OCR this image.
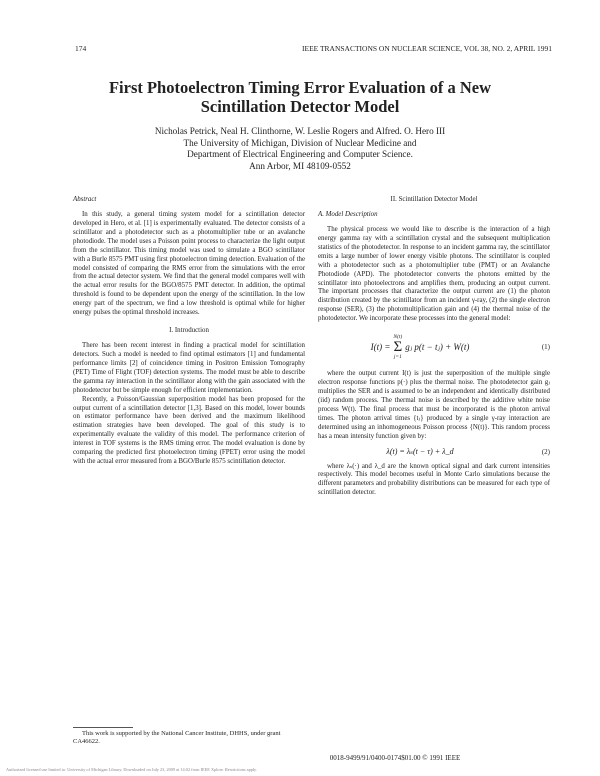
174	IEEE TRANSACTIONS ON NUCLEAR SCIENCE, VOL 38, NO. 2, APRIL 1991
First Photoelectron Timing Error Evaluation of a New
Scintillation Detector Model
Nicholas Petrick, Neal H. Clinthorne, W. Leslie Rogers and Alfred. O. Hero III
The University of Michigan, Division of Nuclear Medicine and
Department of Electrical Engineering and Computer Science.
Ann Arbor, MI 48109-0552

Abstract

In this study, a general timing system model for a scintillation detector developed in Hero, et al. [1] is experimentally evaluated. The detector consists of a scintillator and a photodetector such as a photomultiplier tube or an avalanche photodiode. The model uses a Poisson point process to characterize the light output from the scintillator. This timing model was used to simulate a BGO scintillator with a Burle 8575 PMT using first photoelectron timing detection. Evaluation of the model consisted of comparing the RMS error from the simulations with the error from the actual detector system. We find that the general model compares well with the actual error results for the BGO/8575 PMT detector. In addition, the optimal threshold is found to be dependent upon the energy of the scintillation. In the low energy part of the spectrum, we find a low threshold is optimal while for higher energy pulses the optimal threshold increases.

I. Introduction

There has been recent interest in finding a practical model for scintillation detectors. Such a model is needed to find optimal estimators [1] and fundamental performance limits [2] of coincidence timing in Positron Emission Tomography (PET) Time of Flight (TOF) detection systems. The model must be able to describe the gamma ray interaction in the scintillator along with the gain associated with the photodetector but be simple enough for efficient implementation.

Recently, a Poisson/Gaussian superposition model has been proposed for the output current of a scintillation detector [1,3]. Based on this model, lower bounds on estimator performance have been derived and the maximum likelihood estimation strategies have been developed. The goal of this study is to experimentally evaluate the validity of this model. The performance criterion of interest in TOF systems is the RMS timing error. The model evaluation is done by comparing the predicted first photoelectron timing (FPET) error using the model with the actual error measured from a BGO/Burle 8575 scintillation detector.

This work is supported by the National Cancer Institute, DHHS, under grant CA46622.

II. Scintillation Detector Model

A. Model Description

The physical process we would like to describe is the interaction of a high energy gamma ray with a scintillation crystal and the subsequent multiplication statistics of the photodetector. In response to an incident gamma ray, the scintillator emits a large number of lower energy visible photons. The scintillator is coupled with a photodetector such as a photomultiplier tube (PMT) or an Avalanche Photodiode (APD). The photodetector converts the photons emitted by the scintillator into photoelectrons and amplifies them, producing an output current. The important processes that characterize the output current are (1) the photon distribution created by the scintillator from an incident γ-ray, (2) the single electron response (SER), (3) the photomultiplication gain and (4) the thermal noise of the photodetector. We incorporate these processes into the general model:

I(t) =
N(t)
Σ
j=1
gⱼ p(t − tⱼ) + W(t)	(1)

where the output current I(t) is just the superposition of the multiple single electron response functions p(·) plus the thermal noise. The photodetector gain gⱼ multiplies the SER and is assumed to be an independent and identically distributed (iid) random process. The thermal noise is described by the additive white noise process W(t). The final process that must be incorporated is the photon arrival times. The photon arrival times {tⱼ} produced by a single γ-ray interaction are determined using an inhomogeneous Poisson process {N(t)}. This random process has a mean intensity function given by:

λ(t) = λₛ(t − τ) + λ_d	(2)

where λₛ(·) and λ_d are the known optical signal and dark current intensities respectively. This model becomes useful in Monte Carlo simulations because the different parameters and probability distributions can be measured for each type of scintillation detector.

0018-9499/91/0400-0174$01.00 © 1991 IEEE
Authorized licensed use limited to: University of Michigan Library. Downloaded on July 23, 2009 at 14:02 from IEEE Xplore. Restrictions apply.
